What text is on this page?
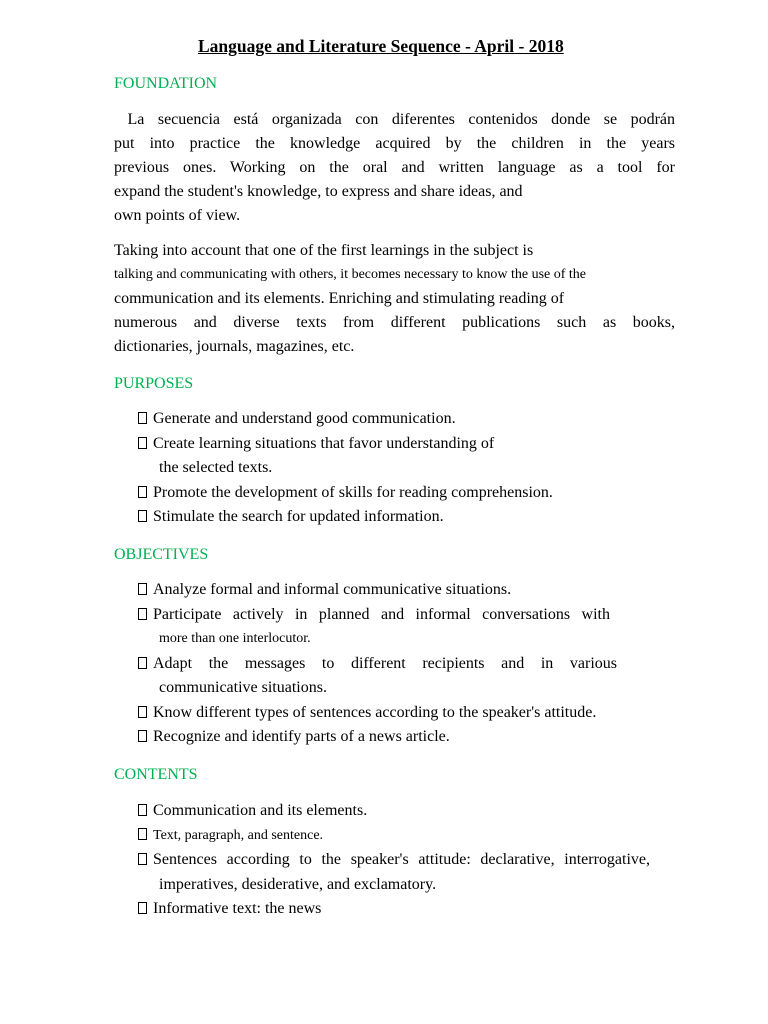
Language and Literature Sequence - April - 2018
FOUNDATION
La secuencia está organizada con diferentes contenidos donde se podrán
put into practice the knowledge acquired by the children in the years
previous ones. Working on the oral and written language as a tool for
expand the student's knowledge, to express and share ideas, and
own points of view.
Taking into account that one of the first learnings in the subject is
talking and communicating with others, it becomes necessary to know the use of the
communication and its elements. Enriching and stimulating reading of
numerous and diverse texts from different publications such as books,
dictionaries, journals, magazines, etc.
PURPOSES
Generate and understand good communication.
Create learning situations that favor understanding of
the selected texts.
Promote the development of skills for reading comprehension.
Stimulate the search for updated information.
OBJECTIVES
Analyze formal and informal communicative situations.
Participate actively in planned and informal conversations with
more than one interlocutor.
Adapt the messages to different recipients and in various
communicative situations.
Know different types of sentences according to the speaker's attitude.
Recognize and identify parts of a news article.
CONTENTS
Communication and its elements.
Text, paragraph, and sentence.
Sentences according to the speaker's attitude: declarative, interrogative,
imperatives, desiderative, and exclamatory.
Informative text: the news
